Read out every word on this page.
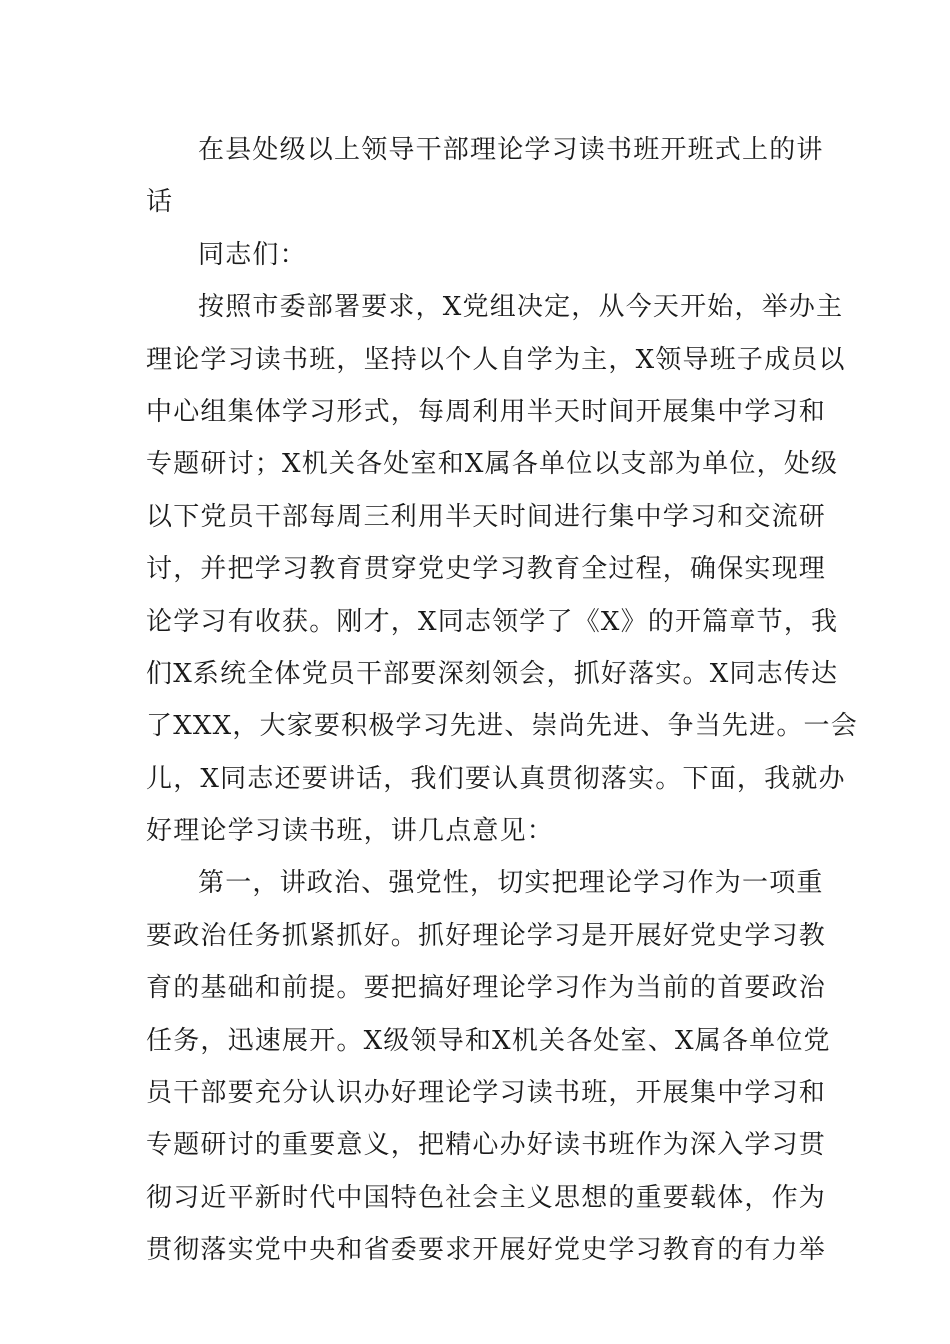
在县处级以上领导干部理论学习读书班开班式上的讲
话
同志们：
按照市委部署要求，X党组决定，从今天开始，举办主
理论学习读书班，坚持以个人自学为主，X领导班子成员以
中心组集体学习形式，每周利用半天时间开展集中学习和
专题研讨；X机关各处室和X属各单位以支部为单位，处级
以下党员干部每周三利用半天时间进行集中学习和交流研
讨，并把学习教育贯穿党史学习教育全过程，确保实现理
论学习有收获。刚才，X同志领学了《X》的开篇章节，我
们X系统全体党员干部要深刻领会，抓好落实。X同志传达
了XXX，大家要积极学习先进、崇尚先进、争当先进。一会
儿，X同志还要讲话，我们要认真贯彻落实。下面，我就办
好理论学习读书班，讲几点意见：
第一，讲政治、强党性，切实把理论学习作为一项重
要政治任务抓紧抓好。抓好理论学习是开展好党史学习教
育的基础和前提。要把搞好理论学习作为当前的首要政治
任务，迅速展开。X级领导和X机关各处室、X属各单位党
员干部要充分认识办好理论学习读书班，开展集中学习和
专题研讨的重要意义，把精心办好读书班作为深入学习贯
彻习近平新时代中国特色社会主义思想的重要载体，作为
贯彻落实党中央和省委要求开展好党史学习教育的有力举
